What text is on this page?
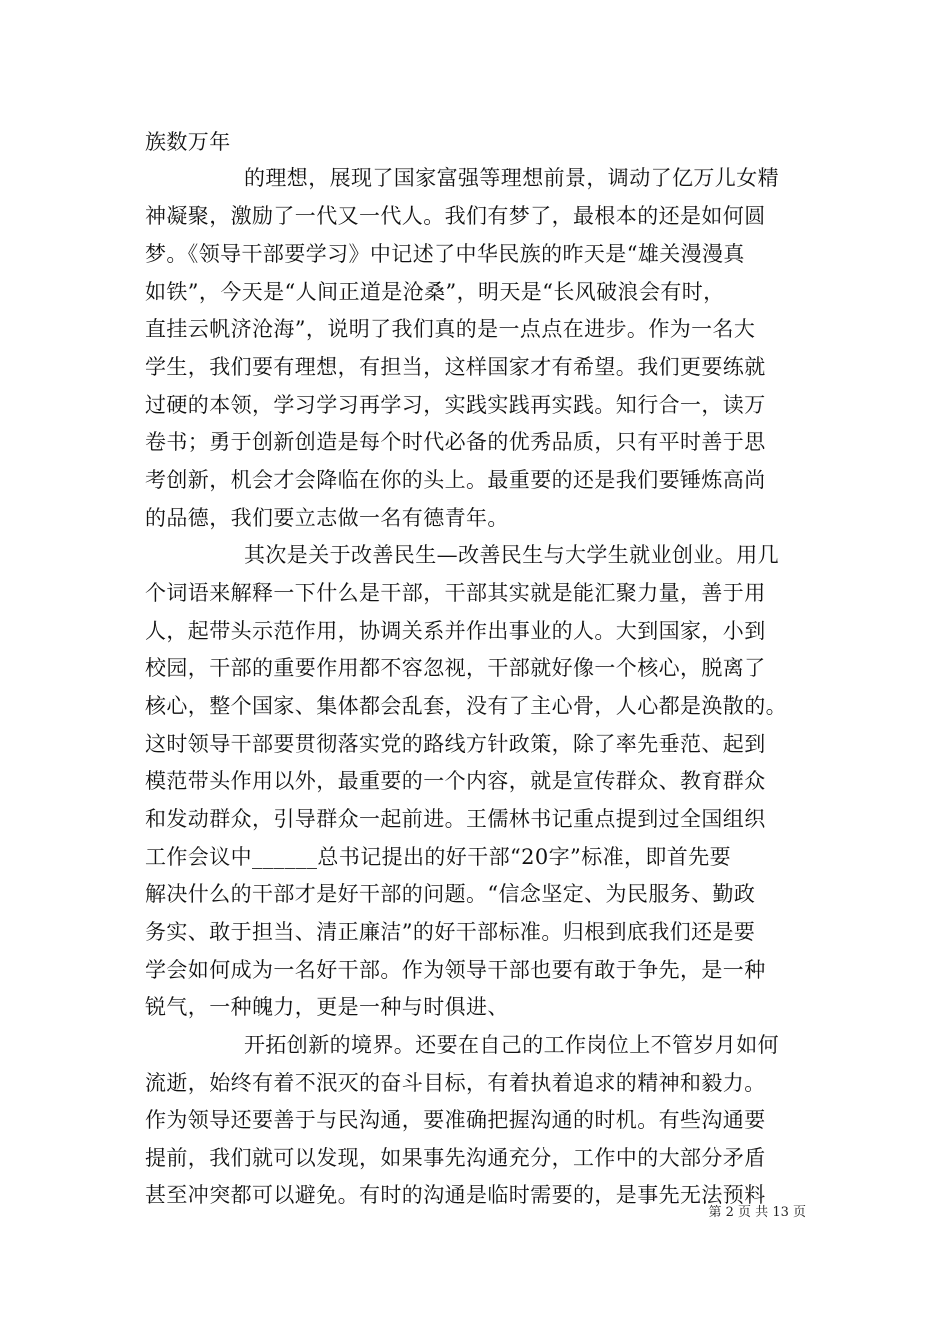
族数万年
的理想，展现了国家富强等理想前景，调动了亿万儿女精
神凝聚，激励了一代又一代人。我们有梦了，最根本的还是如何圆
梦。《领导干部要学习》中记述了中华民族的昨天是“雄关漫漫真
如铁”，今天是“人间正道是沧桑”，明天是“长风破浪会有时，
直挂云帆济沧海”，说明了我们真的是一点点在进步。作为一名大
学生，我们要有理想，有担当，这样国家才有希望。我们更要练就
过硬的本领，学习学习再学习，实践实践再实践。知行合一，读万
卷书；勇于创新创造是每个时代必备的优秀品质，只有平时善于思
考创新，机会才会降临在你的头上。最重要的还是我们要锤炼高尚
的品德，我们要立志做一名有德青年。
其次是关于改善民生—改善民生与大学生就业创业。用几
个词语来解释一下什么是干部，干部其实就是能汇聚力量，善于用
人，起带头示范作用，协调关系并作出事业的人。大到国家，小到
校园，干部的重要作用都不容忽视，干部就好像一个核心，脱离了
核心，整个国家、集体都会乱套，没有了主心骨，人心都是涣散的。
这时领导干部要贯彻落实党的路线方针政策，除了率先垂范、起到
模范带头作用以外，最重要的一个内容，就是宣传群众、教育群众
和发动群众，引导群众一起前进。王儒林书记重点提到过全国组织
工作会议中______总书记提出的好干部“20字”标准，即首先要
解决什么的干部才是好干部的问题。“信念坚定、为民服务、勤政
务实、敢于担当、清正廉洁”的好干部标准。归根到底我们还是要
学会如何成为一名好干部。作为领导干部也要有敢于争先，是一种
锐气，一种魄力，更是一种与时俱进、
开拓创新的境界。还要在自己的工作岗位上不管岁月如何
流逝，始终有着不泯灭的奋斗目标，有着执着追求的精神和毅力。
作为领导还要善于与民沟通，要准确把握沟通的时机。有些沟通要
提前，我们就可以发现，如果事先沟通充分，工作中的大部分矛盾
甚至冲突都可以避免。有时的沟通是临时需要的，是事先无法预料
第 2 页 共 13 页
